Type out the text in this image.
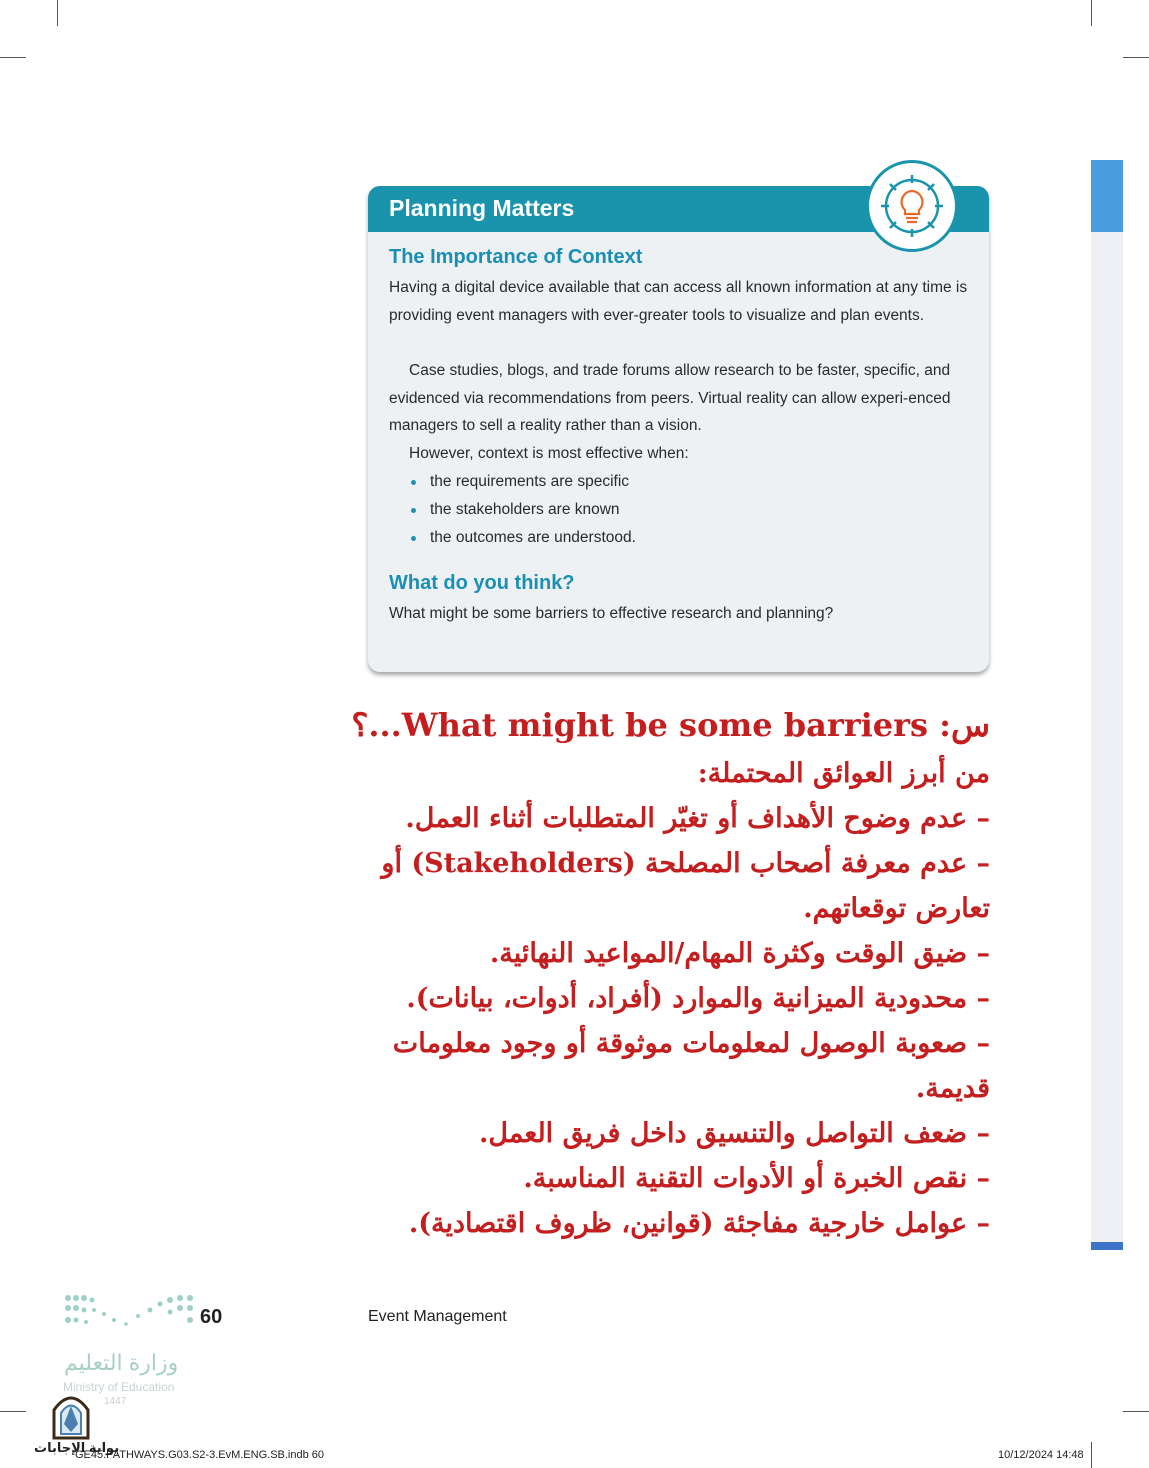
Planning Matters
The Importance of Context
Having a digital device available that can access all known information at any time is providing event managers with ever-greater tools to visualize and plan events.
Case studies, blogs, and trade forums allow research to be faster, specific, and evidenced via recommendations from peers. Virtual reality can allow experi-enced managers to sell a reality rather than a vision.
However, context is most effective when:
the requirements are specific
the stakeholders are known
the outcomes are understood.
What do you think?
What might be some barriers to effective research and planning?
س: What might be some barriers...؟
من أبرز العوائق المحتملة:
– عدم وضوح الأهداف أو تغيّر المتطلبات أثناء العمل.
– عدم معرفة أصحاب المصلحة (Stakeholders) أو
تعارض توقعاتهم.
– ضيق الوقت وكثرة المهام/المواعيد النهائية.
– محدودية الميزانية والموارد (أفراد، أدوات، بيانات).
– صعوبة الوصول لمعلومات موثوقة أو وجود معلومات
قديمة.
– ضعف التواصل والتنسيق داخل فريق العمل.
– نقص الخبرة أو الأدوات التقنية المناسبة.
– عوامل خارجية مفاجئة (قوانين، ظروف اقتصادية).
60	Event Management
وزارة التعليم
Ministry of Education
1447
بوابة الإجابات
GE45.PATHWAYS.G03.S2-3.EvM.ENG.SB.indb 60	10/12/2024 14:48
